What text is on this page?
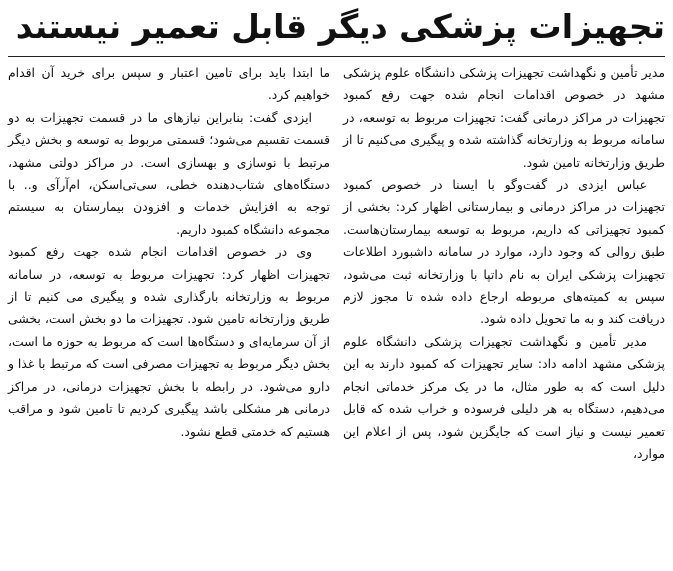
تجهیزات پزشکی دیگر قابل تعمیر نیستند

مدیر تأمین و نگهداشت تجهیزات پزشکی دانشگاه علوم پزشکی مشهد در خصوص اقدامات انجام شده جهت رفع کمبود تجهیزات در مراکز درمانی گفت: تجهیزات مربوط به توسعه، در سامانه مربوط به وزارتخانه گذاشته شده و پیگیری می‌کنیم تا از طریق وزارتخانه تامین شود.

عباس ایزدی در گفت‌وگو با ایسنا در خصوص کمبود تجهیزات در مراکز درمانی و بیمارستانی اظهار کرد: بخشی از کمبود تجهیزاتی که داریم، مربوط به توسعه بیمارستان‌هاست. طبق روالی که وجود دارد، موارد در سامانه داشبورد اطلاعات تجهیزات پزشکی ایران به نام داتپا با وزارتخانه ثبت می‌شود، سپس به کمیته‌های مربوطه ارجاع داده شده تا مجوز لازم دریافت کند و به ما تحویل داده شود.

مدیر تأمین و نگهداشت تجهیزات پزشکی دانشگاه علوم پزشکی مشهد ادامه داد: سایر تجهیزات که کمبود دارند به این دلیل است که به طور مثال، ما در یک مرکز خدماتی انجام می‌دهیم، دستگاه به هر دلیلی فرسوده و خراب شده که قابل تعمیر نیست و نیاز است که جایگزین شود، پس از اعلام این موارد،

ما ابتدا باید برای تامین اعتبار و سپس برای خرید آن اقدام خواهیم کرد.

ایزدی گفت: بنابراین نیازهای ما در قسمت تجهیزات به دو قسمت تقسیم می‌شود؛ قسمتی مربوط به توسعه و بخش دیگر مرتبط با نوسازی و بهسازی است. در مراکز دولتی مشهد، دستگاه‌های شتاب‌دهنده خطی، سی‌تی‌اسکن، ام‌آرآی و.. با توجه به افزایش خدمات و افزودن بیمارستان به سیستم مجموعه دانشگاه کمبود داریم.

وی در خصوص اقدامات انجام شده جهت رفع کمبود تجهیزات اظهار کرد: تجهیزات مربوط به توسعه، در سامانه مربوط به وزارتخانه بارگذاری شده و پیگیری می کنیم تا از طریق وزارتخانه تامین شود. تجهیزات ما دو بخش است، بخشی از آن سرمایه‌ای و دستگاه‌ها است که مربوط به حوزه ما است، بخش دیگر مربوط به تجهیزات مصرفی است که مرتبط با غذا و دارو می‌شود. در رابطه با بخش تجهیزات درمانی، در مراکز درمانی هر مشکلی باشد پیگیری کردیم تا تامین شود و مراقب هستیم که خدمتی قطع نشود.
